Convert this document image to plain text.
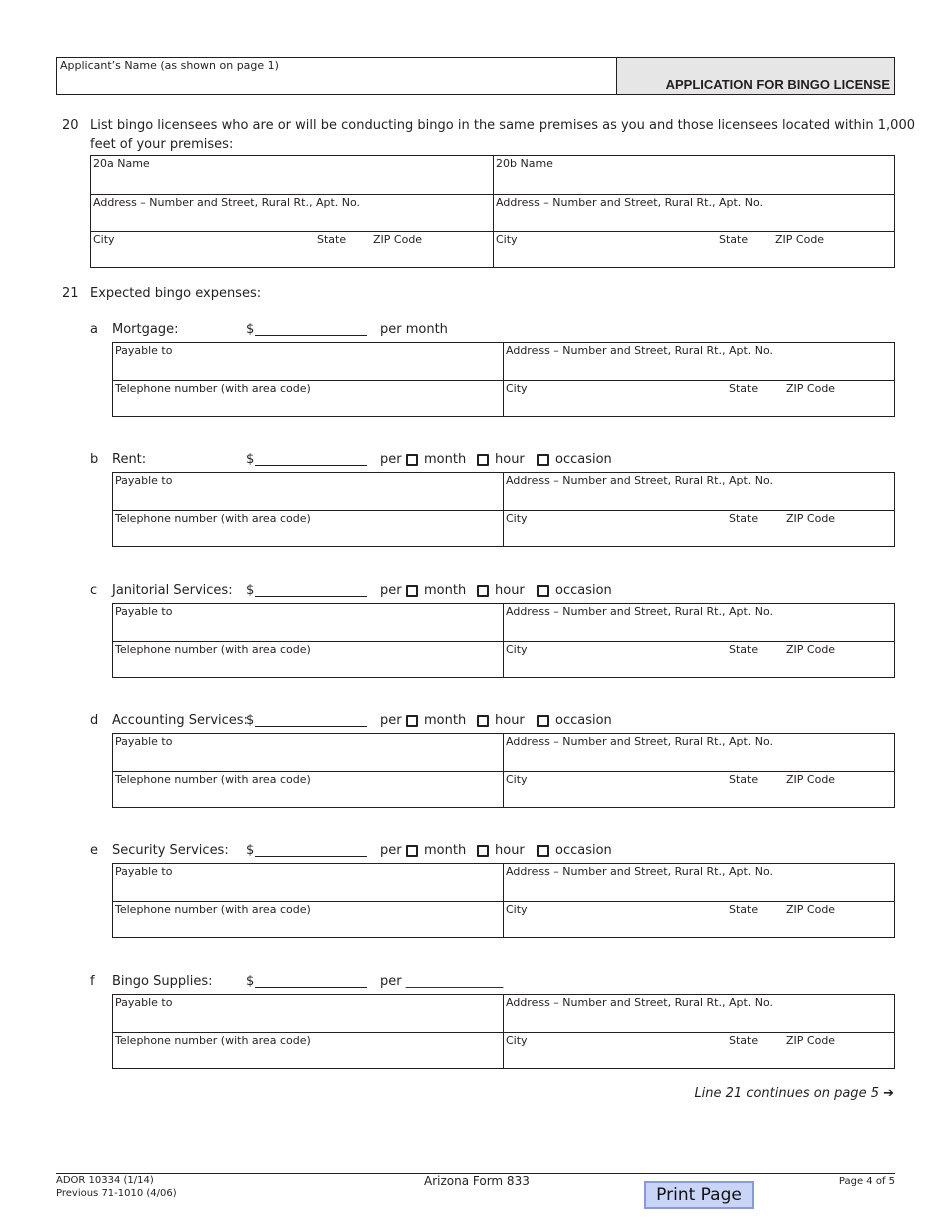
Applicant’s Name (as shown on page 1)
APPLICATION FOR BINGO LICENSE
20 List bingo licensees who are or will be conducting bingo in the same premises as you and those licensees located within 1,000
feet of your premises:
20a Name	20b Name
Address – Number and Street, Rural Rt., Apt. No.	Address – Number and Street, Rural Rt., Apt. No.
City	State ZIP Code	City	State ZIP Code
21 Expected bingo expenses:
a Mortgage:	$	per month
Payable to	Address – Number and Street, Rural Rt., Apt. No.
Telephone number (with area code)	City	State	ZIP Code
b Rent:	$	per month hour occasion
Payable to	Address – Number and Street, Rural Rt., Apt. No.
Telephone number (with area code)	City	State	ZIP Code
c Janitorial Services: $	per month hour occasion
Payable to	Address – Number and Street, Rural Rt., Apt. No.
Telephone number (with area code)	City	State	ZIP Code
d Accounting Services:
$	per month hour occasion
Payable to	Address – Number and Street, Rural Rt., Apt. No.
Telephone number (with area code)	City	State	ZIP Code
e Security Services: $	per month hour occasion
Payable to	Address – Number and Street, Rural Rt., Apt. No.
Telephone number (with area code)	City	State	ZIP Code
f Bingo Supplies:	$	per _______________
Payable to	Address – Number and Street, Rural Rt., Apt. No.
Telephone number (with area code)	City	State	ZIP Code
Line 21 continues on page 5 ➔
ADOR 10334 (1/14)
Previous 71-1010 (4/06)
Arizona Form 833	Page 4 of 5
Print Page
